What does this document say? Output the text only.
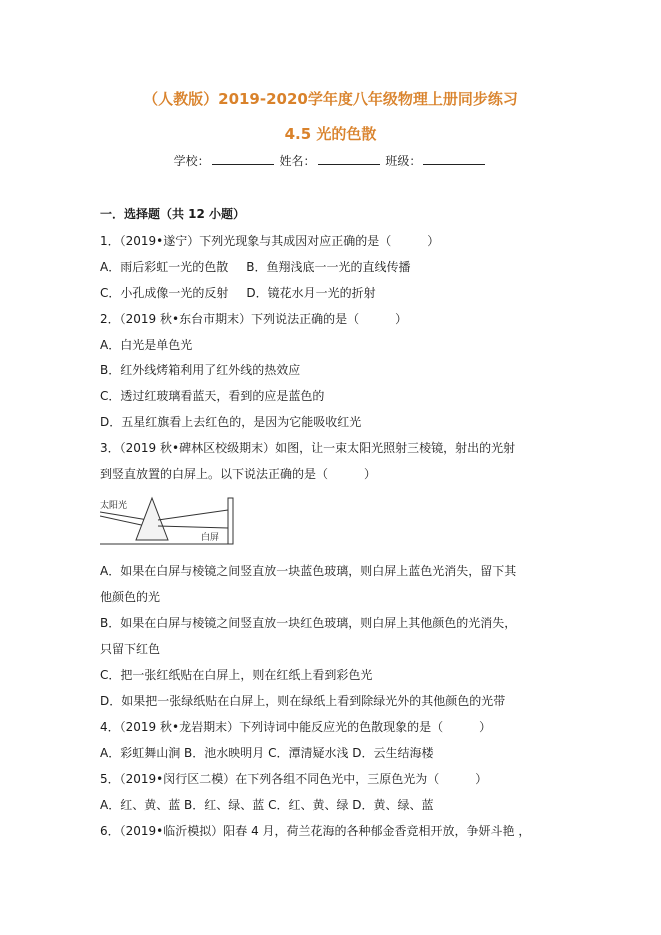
（人教版）2019-2020学年度八年级物理上册同步练习
4.5 光的色散
学校：	姓名：	班级：
一．选择题（共 12 小题）
1．（2019•遂宁）下列光现象与其成因对应正确的是（　　　）
A．雨后彩虹一光的色散 B．鱼翔浅底一一光的直线传播
C．小孔成像一光的反射 D．镜花水月一光的折射
2．（2019 秋•东台市期末）下列说法正确的是（　　　）
A．白光是单色光
B．红外线烤箱利用了红外线的热效应
C．透过红玻璃看蓝天，看到的应是蓝色的
D．五星红旗看上去红色的，是因为它能吸收红光
3．（2019 秋•碑林区校级期末）如图，让一束太阳光照射三棱镜，射出的光射
到竖直放置的白屏上。以下说法正确的是（　　　）
太阳光
白屏
A．如果在白屏与棱镜之间竖直放一块蓝色玻璃，则白屏上蓝色光消失，留下其
他颜色的光
B．如果在白屏与棱镜之间竖直放一块红色玻璃，则白屏上其他颜色的光消失，
只留下红色
C．把一张红纸贴在白屏上，则在红纸上看到彩色光
D．如果把一张绿纸贴在白屏上，则在绿纸上看到除绿光外的其他颜色的光带
4．（2019 秋•龙岩期末）下列诗词中能反应光的色散现象的是（　　　）
A．彩虹舞山涧 B．池水映明月 C．潭清疑水浅 D．云生结海楼
5．（2019•闵行区二模）在下列各组不同色光中，三原色光为（　　　）
A．红、黄、蓝 B．红、绿、蓝 C．红、黄、绿 D．黄、绿、蓝
6．（2019•临沂模拟）阳春 4 月，荷兰花海的各种郁金香竞相开放，争妍斗艳 ，
